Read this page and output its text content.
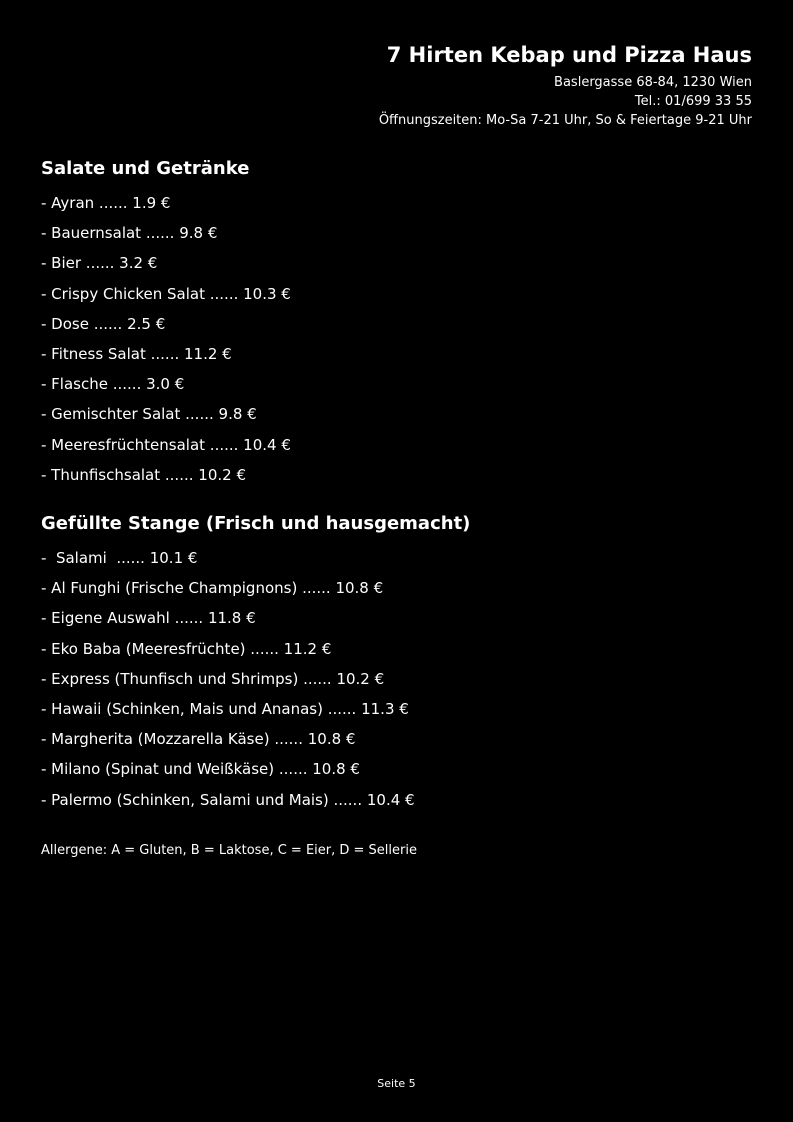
7 Hirten Kebap und Pizza Haus
Baslergasse 68-84, 1230 Wien
Tel.: 01/699 33 55
Öffnungszeiten: Mo-Sa 7-21 Uhr, So & Feiertage 9-21 Uhr
Salate und Getränke
- Ayran ...... 1.9 €
- Bauernsalat ...... 9.8 €
- Bier ...... 3.2 €
- Crispy Chicken Salat ...... 10.3 €
- Dose ...... 2.5 €
- Fitness Salat ...... 11.2 €
- Flasche ...... 3.0 €
- Gemischter Salat ...... 9.8 €
- Meeresfrüchtensalat ...... 10.4 €
- Thunfischsalat ...... 10.2 €
Gefüllte Stange (Frisch und hausgemacht)
-  Salami  ...... 10.1 €
- Al Funghi (Frische Champignons) ...... 10.8 €
- Eigene Auswahl ...... 11.8 €
- Eko Baba (Meeresfrüchte) ...... 11.2 €
- Express (Thunfisch und Shrimps) ...... 10.2 €
- Hawaii (Schinken, Mais und Ananas) ...... 11.3 €
- Margherita (Mozzarella Käse) ...... 10.8 €
- Milano (Spinat und Weißkäse) ...... 10.8 €
- Palermo (Schinken, Salami und Mais) ...... 10.4 €
Allergene: A = Gluten, B = Laktose, C = Eier, D = Sellerie
Seite 5
